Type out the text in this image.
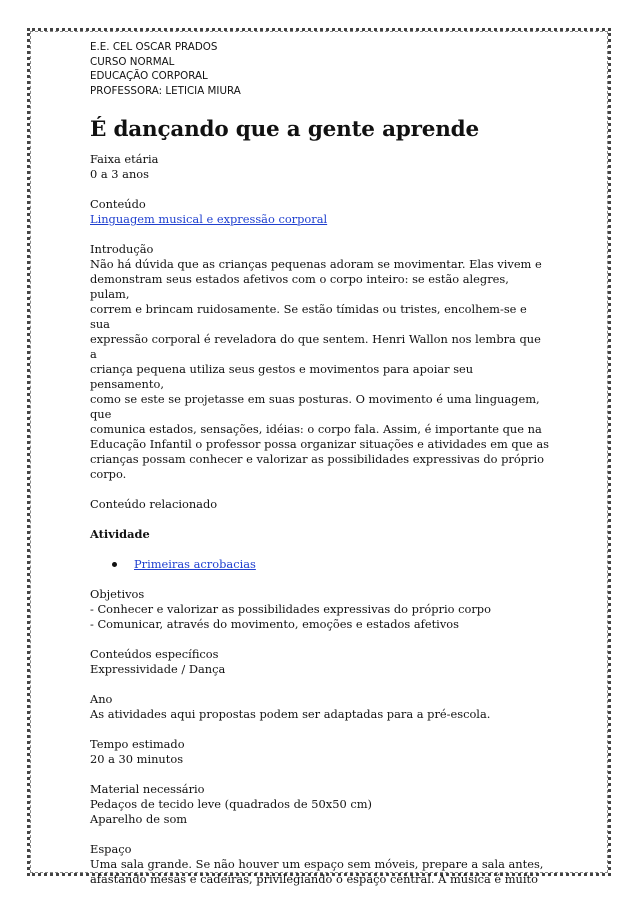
E.E. CEL OSCAR PRADOS

CURSO NORMAL

EDUCAÇÃO CORPORAL

PROFESSORA: LETICIA MIURA

É dançando que a gente aprende

Faixa etária

0 a 3 anos

Conteúdo

Linguagem musical e expressão corporal

Introdução

Não há dúvida que as crianças pequenas adoram se movimentar. Elas vivem e

demonstram seus estados afetivos com o corpo inteiro: se estão alegres, pulam,

correm e brincam ruidosamente. Se estão tímidas ou tristes, encolhem-se e sua

expressão corporal é reveladora do que sentem. Henri Wallon nos lembra que a

criança pequena utiliza seus gestos e movimentos para apoiar seu pensamento,

como se este se projetasse em suas posturas. O movimento é uma linguagem, que

comunica estados, sensações, idéias: o corpo fala. Assim, é importante que na

Educação Infantil o professor possa organizar situações e atividades em que as

crianças possam conhecer e valorizar as possibilidades expressivas do próprio

corpo.

Conteúdo relacionado

Atividade

Primeiras acrobacias

Objetivos

- Conhecer e valorizar as possibilidades expressivas do próprio corpo

- Comunicar, através do movimento, emoções e estados afetivos

Conteúdos específicos

Expressividade / Dança

Ano

As atividades aqui propostas podem ser adaptadas para a pré-escola.

Tempo estimado

20 a 30 minutos

Material necessário

Pedaços de tecido leve (quadrados de 50x50 cm)

Aparelho de som

Espaço

Uma sala grande. Se não houver um espaço sem móveis, prepare a sala antes,

afastando mesas e cadeiras, privilegiando o espaço central. A música é muito
